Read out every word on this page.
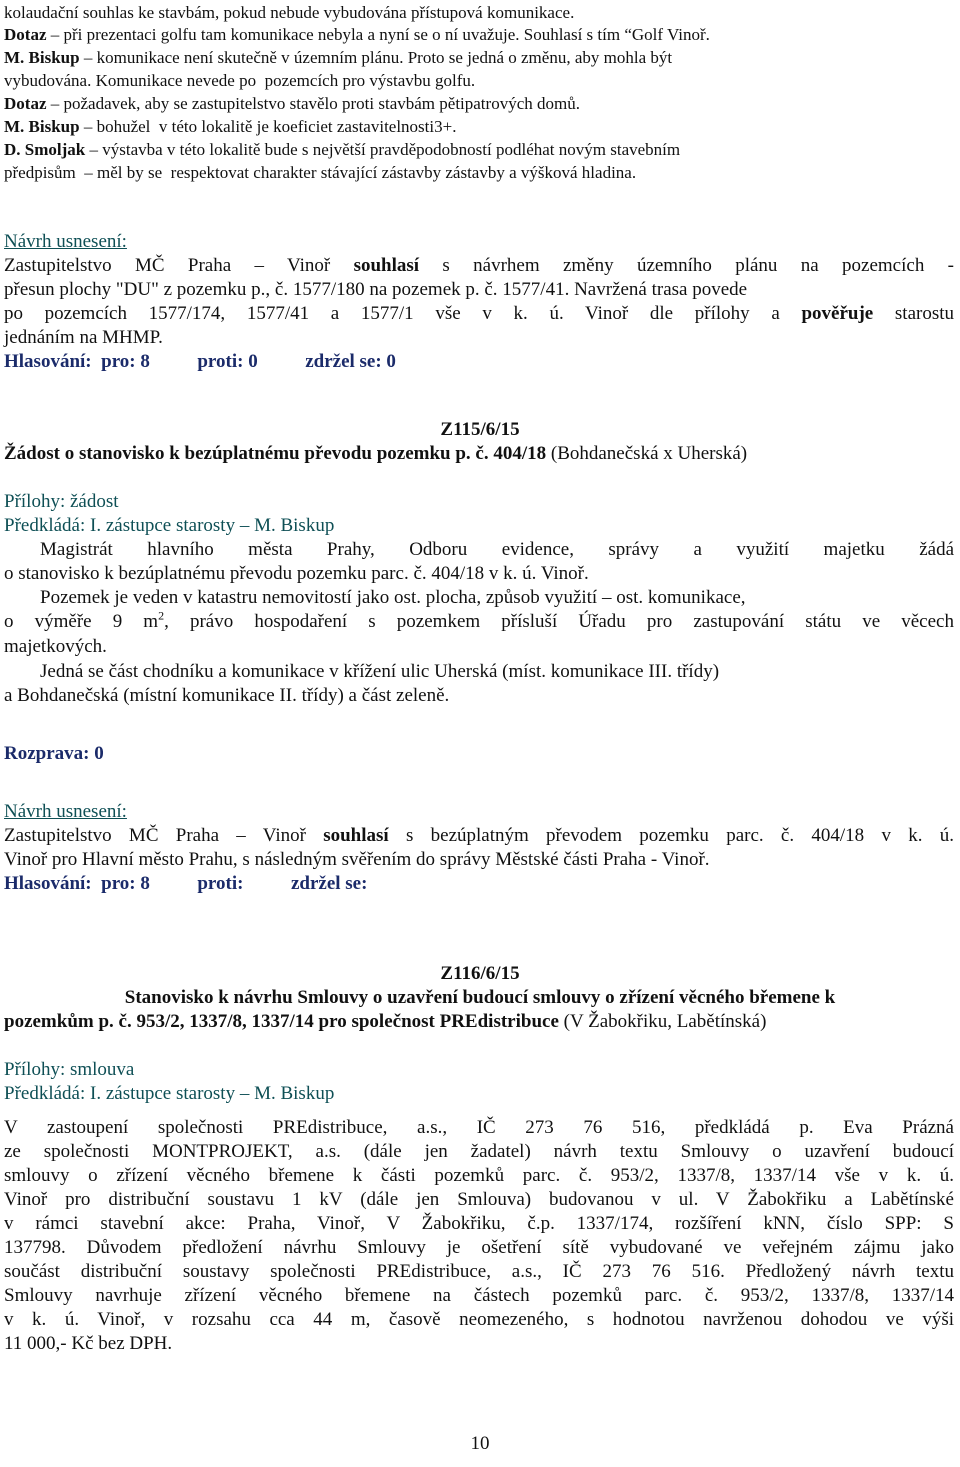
kolaudační souhlas ke stavbám, pokud nebude vybudována přístupová komunikace.
Dotaz – při prezentaci golfu tam komunikace nebyla a nyní se o ní uvažuje. Souhlasí s tím “Golf Vinoř.
M. Biskup – komunikace není skutečně v územním plánu. Proto se jedná o změnu, aby mohla být
vybudována. Komunikace nevede po  pozemcích pro výstavbu golfu.
Dotaz – požadavek, aby se zastupitelstvo stavělo proti stavbám pětipatrových domů.
M. Biskup – bohužel  v této lokalitě je koeficiet zastavitelnosti3+.
D. Smoljak – výstavba v této lokalitě bude s největší pravděpodobností podléhat novým stavebním
předpisům  – měl by se  respektovat charakter stávající zástavby zástavby a výšková hladina.
Návrh usnesení:
Zastupitelstvo MČ Praha – Vinoř souhlasí s návrhem změny územního plánu na pozemcích -
přesun plochy "DU" z pozemku p., č. 1577/180 na pozemek p. č. 1577/41. Navržená trasa povede
po pozemcích 1577/174, 1577/41 a 1577/1 vše v k. ú. Vinoř dle přílohy a pověřuje starostu
jednáním na MHMP.
Hlasování:  pro: 8          proti: 0          zdržel se: 0
Z115/6/15
Žádost o stanovisko k bezúplatnému převodu pozemku p. č. 404/18 (Bohdanečská x Uherská)
Přílohy: žádost
Předkládá: I. zástupce starosty – M. Biskup
Magistrát hlavního města Prahy, Odboru evidence, správy a využití majetku žádá
o stanovisko k bezúplatnému převodu pozemku parc. č. 404/18 v k. ú. Vinoř.
Pozemek je veden v katastru nemovitostí jako ost. plocha, způsob využití – ost. komunikace,
o výměře 9 $m^2$, právo hospodaření s pozemkem přísluší Úřadu pro zastupování státu ve věcech
majetkových.
Jedná se část chodníku a komunikace v křížení ulic Uherská (míst. komunikace III. třídy)
a Bohdanečská (místní komunikace II. třídy) a část zeleně.
Rozprava: 0
Návrh usnesení:
Zastupitelstvo MČ Praha – Vinoř souhlasí s bezúplatným převodem pozemku parc. č. 404/18 v k. ú.
Vinoř pro Hlavní město Prahu, s následným svěřením do správy Městské části Praha - Vinoř.
Hlasování:  pro: 8          proti:          zdržel se:
Z116/6/15
Stanovisko k návrhu Smlouvy o uzavření budoucí smlouvy o zřízení věcného břemene k
pozemkům p. č. 953/2, 1337/8, 1337/14 pro společnost PREdistribuce (V Žabokřiku, Labětínská)
Přílohy: smlouva
Předkládá: I. zástupce starosty – M. Biskup
V zastoupení společnosti PREdistribuce, a.s., IČ 273 76 516, předkládá p. Eva Prázná
ze společnosti MONTPROJEKT, a.s. (dále jen žadatel) návrh textu Smlouvy o uzavření budoucí
smlouvy o zřízení věcného břemene k části pozemků parc. č. 953/2, 1337/8, 1337/14 vše v k. ú.
Vinoř pro distribuční soustavu 1 kV (dále jen Smlouva) budovanou v ul. V Žabokřiku a Labětínské
v rámci stavební akce: Praha, Vinoř, V Žabokřiku, č.p. 1337/174, rozšíření kNN, číslo SPP: S
137798. Důvodem předložení návrhu Smlouvy je ošetření sítě vybudované ve veřejném zájmu jako
součást distribuční soustavy společnosti PREdistribuce, a.s., IČ 273 76 516. Předložený návrh textu
Smlouvy navrhuje zřízení věcného břemene na částech pozemků parc. č. 953/2, 1337/8, 1337/14
v k. ú. Vinoř, v rozsahu cca 44 m, časově neomezeného, s hodnotou navrženou dohodou ve výši
11 000,- Kč bez DPH.
10
